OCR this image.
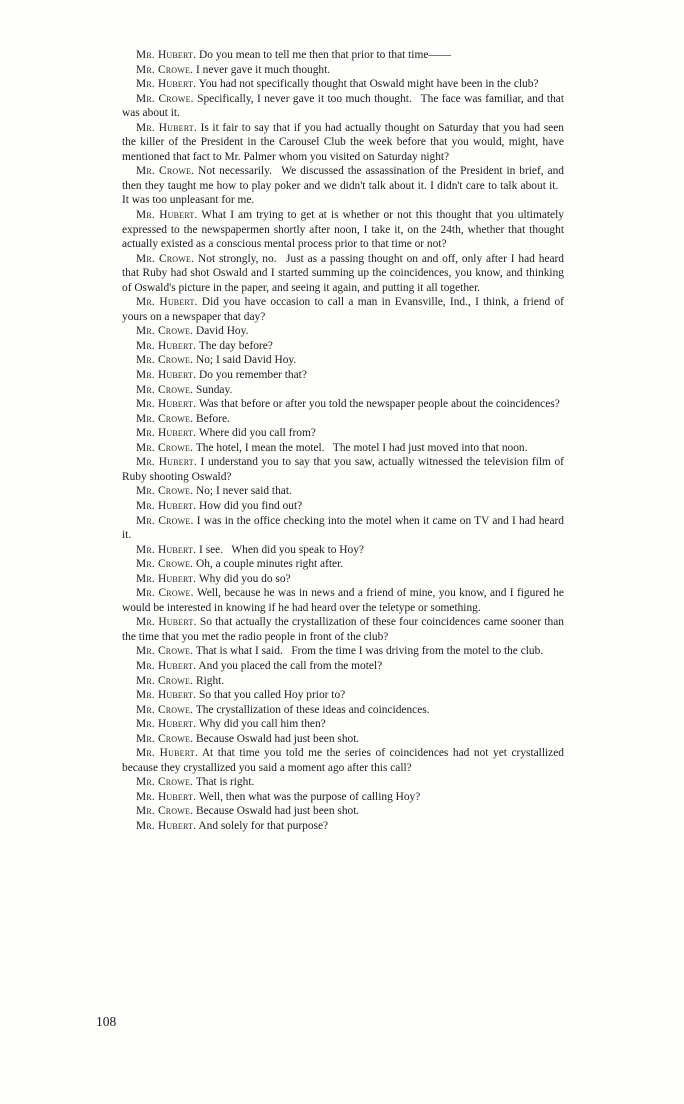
Mr. Hubert. Do you mean to tell me then that prior to that time——

Mr. Crowe. I never gave it much thought.

Mr. Hubert. You had not specifically thought that Oswald might have been in the club?

Mr. Crowe. Specifically, I never gave it too much thought.  The face was familiar, and that was about it.

Mr. Hubert. Is it fair to say that if you had actually thought on Saturday that you had seen the killer of the President in the Carousel Club the week before that you would, might, have mentioned that fact to Mr. Palmer whom you visited on Saturday night?

Mr. Crowe. Not necessarily.  We discussed the assassination of the President in brief, and then they taught me how to play poker and we didn't talk about it. I didn't care to talk about it.  It was too unpleasant for me.

Mr. Hubert. What I am trying to get at is whether or not this thought that you ultimately expressed to the newspapermen shortly after noon, I take it, on the 24th, whether that thought actually existed as a conscious mental process prior to that time or not?

Mr. Crowe. Not strongly, no.  Just as a passing thought on and off, only after I had heard that Ruby had shot Oswald and I started summing up the coincidences, you know, and thinking of Oswald's picture in the paper, and seeing it again, and putting it all together.

Mr. Hubert. Did you have occasion to call a man in Evansville, Ind., I think, a friend of yours on a newspaper that day?

Mr. Crowe. David Hoy.

Mr. Hubert. The day before?

Mr. Crowe. No; I said David Hoy.

Mr. Hubert. Do you remember that?

Mr. Crowe. Sunday.

Mr. Hubert. Was that before or after you told the newspaper people about the coincidences?

Mr. Crowe. Before.

Mr. Hubert. Where did you call from?

Mr. Crowe. The hotel, I mean the motel.  The motel I had just moved into that noon.

Mr. Hubert. I understand you to say that you saw, actually witnessed the television film of Ruby shooting Oswald?

Mr. Crowe. No; I never said that.

Mr. Hubert. How did you find out?

Mr. Crowe. I was in the office checking into the motel when it came on TV and I had heard it.

Mr. Hubert. I see.  When did you speak to Hoy?

Mr. Crowe. Oh, a couple minutes right after.

Mr. Hubert. Why did you do so?

Mr. Crowe. Well, because he was in news and a friend of mine, you know, and I figured he would be interested in knowing if he had heard over the teletype or something.

Mr. Hubert. So that actually the crystallization of these four coincidences came sooner than the time that you met the radio people in front of the club?

Mr. Crowe. That is what I said.  From the time I was driving from the motel to the club.

Mr. Hubert. And you placed the call from the motel?

Mr. Crowe. Right.

Mr. Hubert. So that you called Hoy prior to?

Mr. Crowe. The crystallization of these ideas and coincidences.

Mr. Hubert. Why did you call him then?

Mr. Crowe. Because Oswald had just been shot.

Mr. Hubert. At that time you told me the series of coincidences had not yet crystallized because they crystallized you said a moment ago after this call?

Mr. Crowe. That is right.

Mr. Hubert. Well, then what was the purpose of calling Hoy?

Mr. Crowe. Because Oswald had just been shot.

Mr. Hubert. And solely for that purpose?

108
